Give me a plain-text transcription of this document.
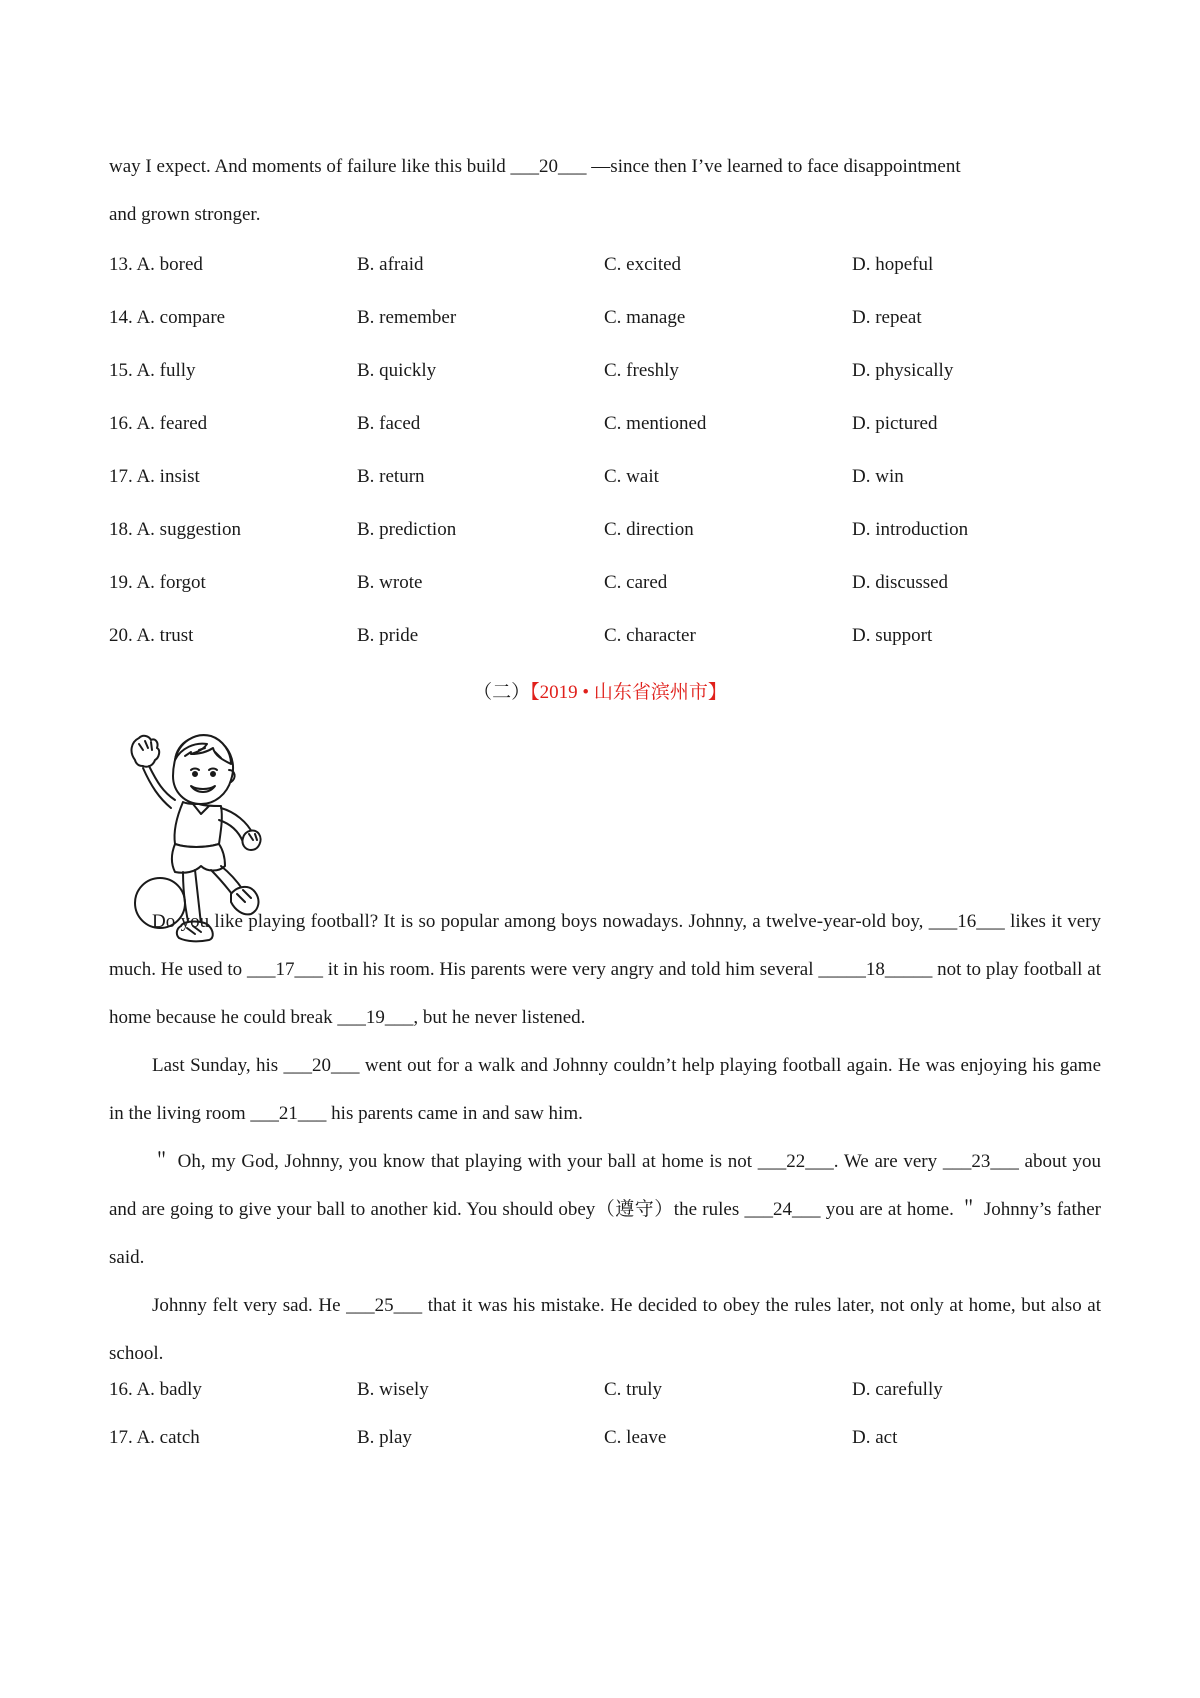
way I expect. And moments of failure like this build ___20___ —since then I’ve learned to face disappointment

and grown stronger.

13. A. bored	B. afraid	C. excited	D. hopeful
14. A. compare	B. remember	C. manage	D. repeat
15. A. fully	B. quickly	C. freshly	D. physically
16. A. feared	B. faced	C. mentioned	D. pictured
17. A. insist	B. return	C. wait	D. win
18. A. suggestion	B. prediction	C. direction	D. introduction
19. A. forgot	B. wrote	C. cared	D. discussed
20. A. trust	B. pride	C. character	D. support
（二）【2019 • 山东省滨州市】

Do you like playing football? It is so popular among boys nowadays. Johnny, a twelve-year-old boy, ___16___ likes it very much. He used to ___17___ it in his room. His parents were very angry and told him several _____18_____ not to play football at home because he could break ___19___, but he never listened.

Last Sunday, his ___20___ went out for a walk and Johnny couldn’t help playing football again. He was enjoying his game in the living room ___21___ his parents came in and saw him.

＂ Oh, my God, Johnny, you know that playing with your ball at home is not ___22___. We are very ___23___ about you and are going to give your ball to another kid. You should obey（遵守）the rules ___24___ you are at home. ＂ Johnny’s father said.

Johnny felt very sad. He ___25___ that it was his mistake. He decided to obey the rules later, not only at home, but also at school.

16. A. badly	B. wisely	C. truly	D. carefully
17. A. catch	B. play	C. leave	D. act
